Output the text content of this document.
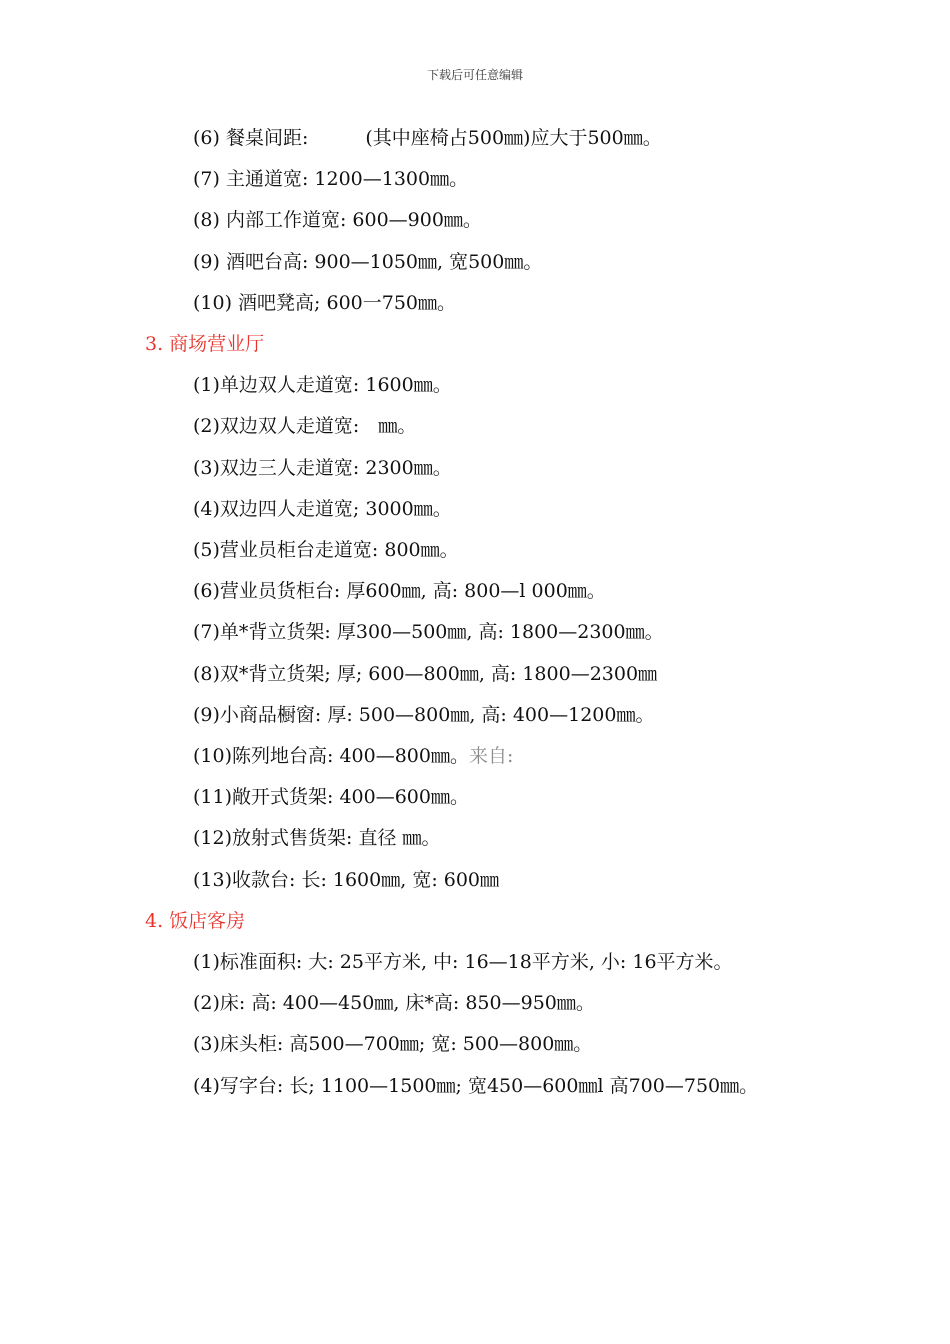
下载后可任意编辑
(6) 餐桌间距:　　　(其中座椅占500㎜)应大于500㎜。
(7) 主通道宽: 1200—1300㎜。
(8) 内部工作道宽: 600—900㎜。
(9) 酒吧台高: 900—1050㎜, 宽500㎜。
(10) 酒吧凳高; 600一750㎜。
3. 商场营业厅
(1)单边双人走道宽: 1600㎜。
(2)双边双人走道宽:　㎜。
(3)双边三人走道宽: 2300㎜。
(4)双边四人走道宽; 3000㎜。
(5)营业员柜台走道宽: 800㎜。
(6)营业员货柜台: 厚600㎜, 高: 800—l 000㎜。
(7)单*背立货架: 厚300—500㎜, 高: 1800—2300㎜。
(8)双*背立货架; 厚; 600—800㎜, 高: 1800—2300㎜
(9)小商品橱窗: 厚: 500—800㎜, 高: 400—1200㎜。
(10)陈列地台高: 400—800㎜。来自:
(11)敞开式货架: 400—600㎜。
(12)放射式售货架: 直径 ㎜。
(13)收款台: 长: 1600㎜, 宽: 600㎜
4. 饭店客房
(1)标准面积: 大: 25平方米, 中: 16—18平方米, 小: 16平方米。
(2)床: 高: 400—450㎜, 床*高: 850—950㎜。
(3)床头柜: 高500—700㎜; 宽: 500—800㎜。
(4)写字台: 长; 1100—1500㎜; 宽450—600㎜l 高700—750㎜。
